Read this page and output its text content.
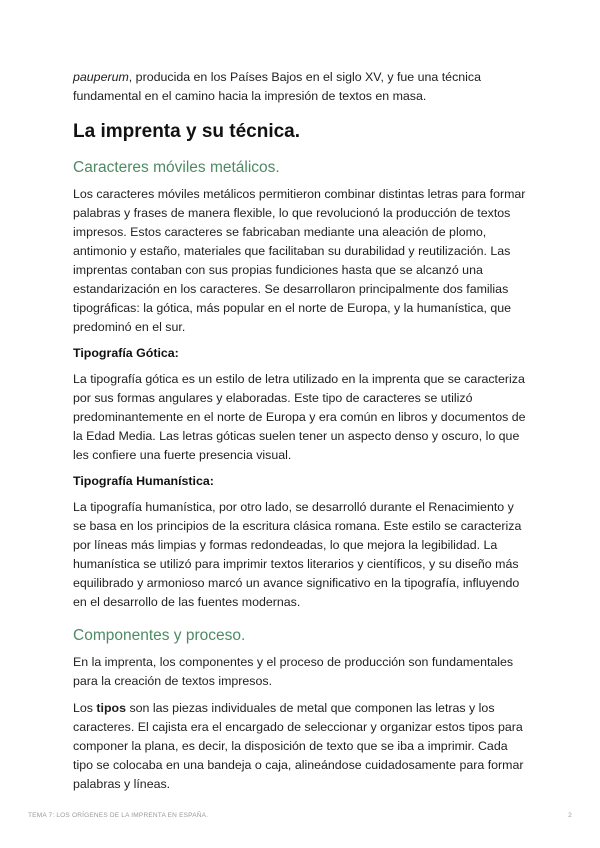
pauperum, producida en los Países Bajos en el siglo XV, y fue una técnica fundamental en el camino hacia la impresión de textos en masa.

La imprenta y su técnica.
Caracteres móviles metálicos.

Los caracteres móviles metálicos permitieron combinar distintas letras para formar palabras y frases de manera flexible, lo que revolucionó la producción de textos impresos. Estos caracteres se fabricaban mediante una aleación de plomo, antimonio y estaño, materiales que facilitaban su durabilidad y reutilización. Las imprentas contaban con sus propias fundiciones hasta que se alcanzó una estandarización en los caracteres. Se desarrollaron principalmente dos familias tipográficas: la gótica, más popular en el norte de Europa, y la humanística, que predominó en el sur.

Tipografía Gótica:

La tipografía gótica es un estilo de letra utilizado en la imprenta que se caracteriza por sus formas angulares y elaboradas. Este tipo de caracteres se utilizó predominantemente en el norte de Europa y era común en libros y documentos de la Edad Media. Las letras góticas suelen tener un aspecto denso y oscuro, lo que les confiere una fuerte presencia visual.

Tipografía Humanística:

La tipografía humanística, por otro lado, se desarrolló durante el Renacimiento y se basa en los principios de la escritura clásica romana. Este estilo se caracteriza por líneas más limpias y formas redondeadas, lo que mejora la legibilidad. La humanística se utilizó para imprimir textos literarios y científicos, y su diseño más equilibrado y armonioso marcó un avance significativo en la tipografía, influyendo en el desarrollo de las fuentes modernas.

Componentes y proceso.

En la imprenta, los componentes y el proceso de producción son fundamentales para la creación de textos impresos.

Los tipos son las piezas individuales de metal que componen las letras y los caracteres. El cajista era el encargado de seleccionar y organizar estos tipos para componer la plana, es decir, la disposición de texto que se iba a imprimir. Cada tipo se colocaba en una bandeja o caja, alineándose cuidadosamente para formar palabras y líneas.

TEMA 7: LOS ORÍGENES DE LA IMPRENTA EN ESPAÑA.	2
